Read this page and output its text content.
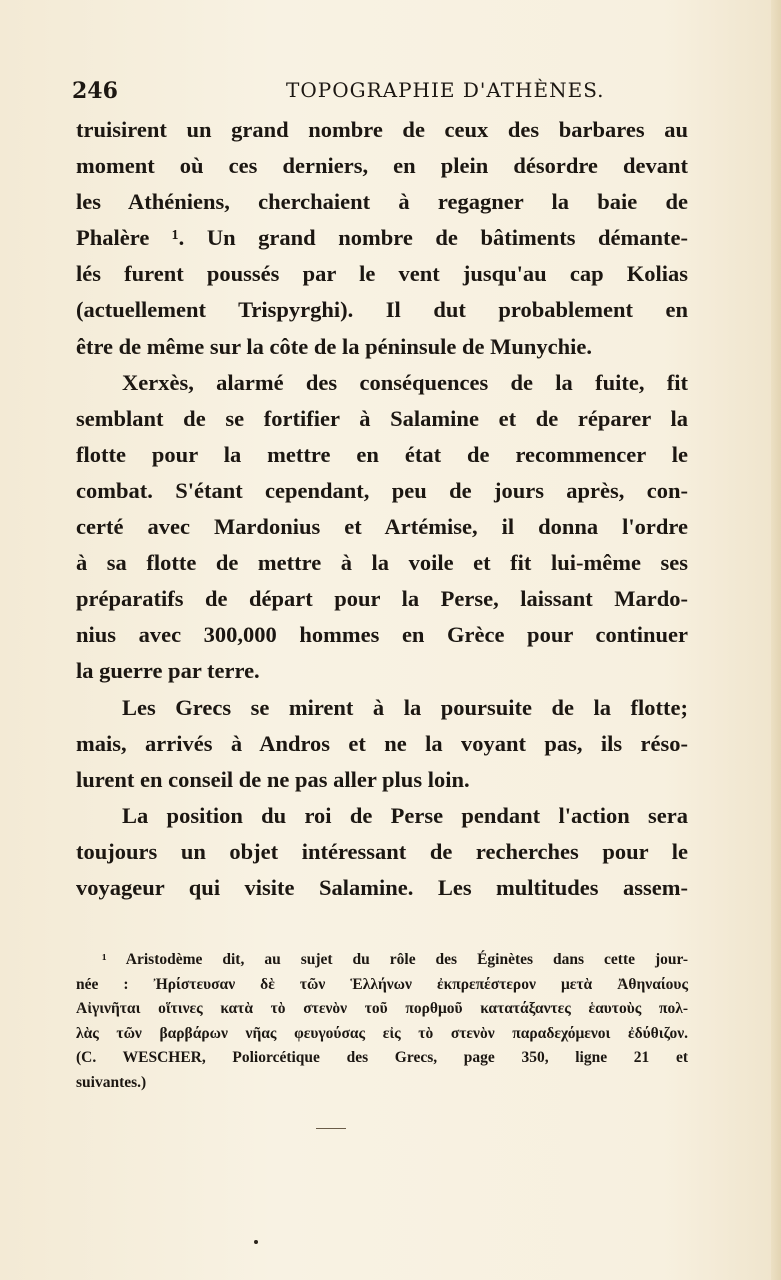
246	TOPOGRAPHIE D'ATHÈNES.
truisirent un grand nombre de ceux des barbares au
moment où ces derniers, en plein désordre devant
les Athéniens, cherchaient à regagner la baie de
Phalère ¹. Un grand nombre de bâtiments démante-
lés furent poussés par le vent jusqu'au cap Kolias
(actuellement Trispyrghi). Il dut probablement en
être de même sur la côte de la péninsule de Munychie.
Xerxès, alarmé des conséquences de la fuite, fit
semblant de se fortifier à Salamine et de réparer la
flotte pour la mettre en état de recommencer le
combat. S'étant cependant, peu de jours après, con-
certé avec Mardonius et Artémise, il donna l'ordre
à sa flotte de mettre à la voile et fit lui-même ses
préparatifs de départ pour la Perse, laissant Mardo-
nius avec 300,000 hommes en Grèce pour continuer
la guerre par terre.
Les Grecs se mirent à la poursuite de la flotte;
mais, arrivés à Andros et ne la voyant pas, ils réso-
lurent en conseil de ne pas aller plus loin.
La position du roi de Perse pendant l'action sera
toujours un objet intéressant de recherches pour le
voyageur qui visite Salamine. Les multitudes assem-
¹ Aristodème dit, au sujet du rôle des Éginètes dans cette jour-
née : Ἠρίστευσαν δὲ τῶν Ἑλλήνων ἐκπρεπέστερον μετὰ Ἀθηναίους
Αἰγινῆται οἵτινες κατὰ τὸ στενὸν τοῦ πορθμοῦ κατατάξαντες ἑαυτοὺς πολ-
λὰς τῶν βαρβάρων νῆας φευγούσας εἰς τὸ στενὸν παραδεχόμενοι ἐδύθιζον.
(C. WESCHER, Poliorcétique des Grecs, page 350, ligne 21 et
suivantes.)
